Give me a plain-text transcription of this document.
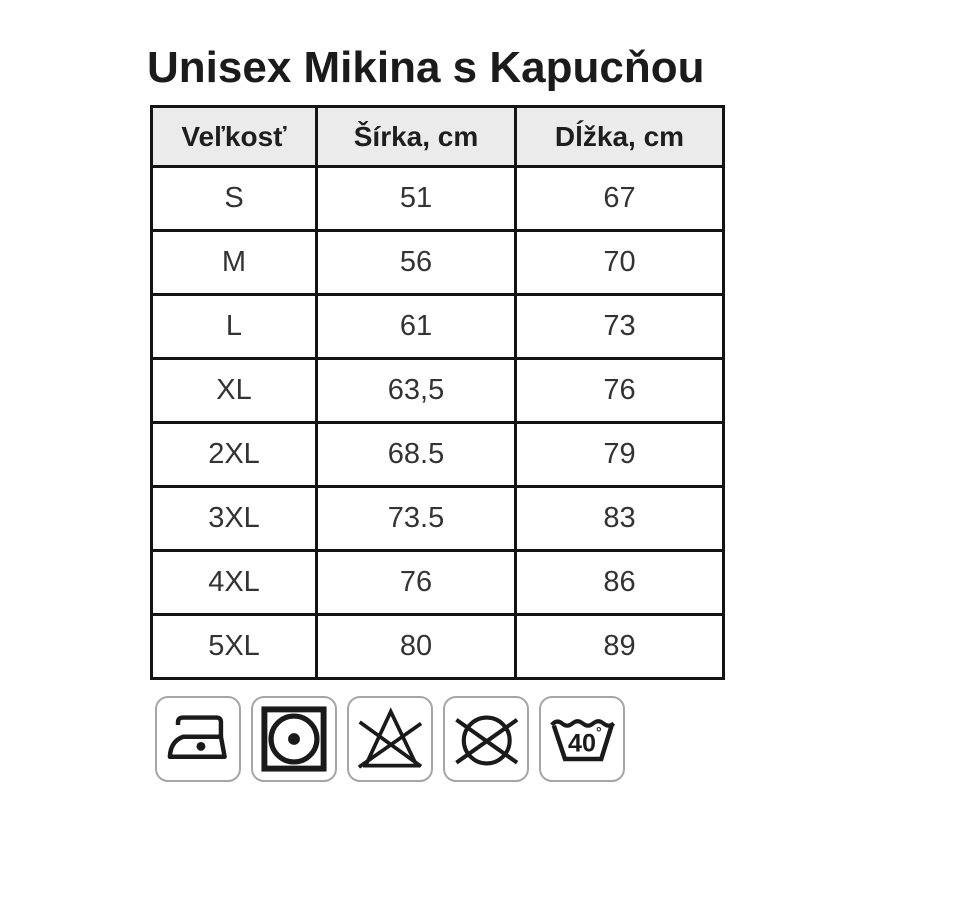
Unisex Mikina s Kapucňou
Veľkosť	Šírka, cm	Dĺžka, cm
S	51	67
M	56	70
L	61	73
XL	63,5	76
2XL	68.5	79
3XL	73.5	83
4XL	76	86
5XL	80	89
40 °
